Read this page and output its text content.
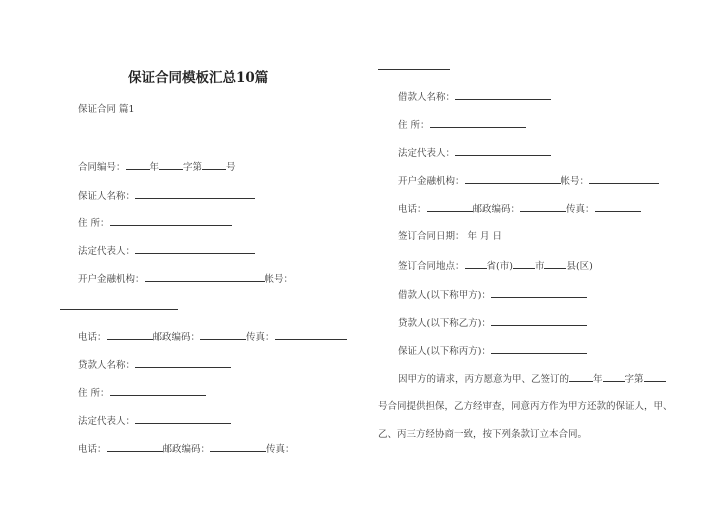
保证合同模板汇总10篇
保证合同 篇1
合同编号：	年	字第	号
保证人名称：
住 所：
法定代表人：
开户金融机构：	帐号：
电话：	邮政编码：	传真：
贷款人名称：
住 所：
法定代表人：
电话：	邮政编码：	传真：
借款人名称：
住 所：
法定代表人：
开户金融机构：	帐号：
电话：	邮政编码：	传真：
签订合同日期： 年 月 日
签订合同地点： 省(市) 市 县(区)
借款人(以下称甲方)：
贷款人(以下称乙方)：
保证人(以下称丙方)：
因甲方的请求，丙方愿意为甲、乙签订的	年 字第
号合同提供担保，乙方经审查，同意丙方作为甲方还款的保证人，甲、
乙、丙三方经协商一致，按下列条款订立本合同。
